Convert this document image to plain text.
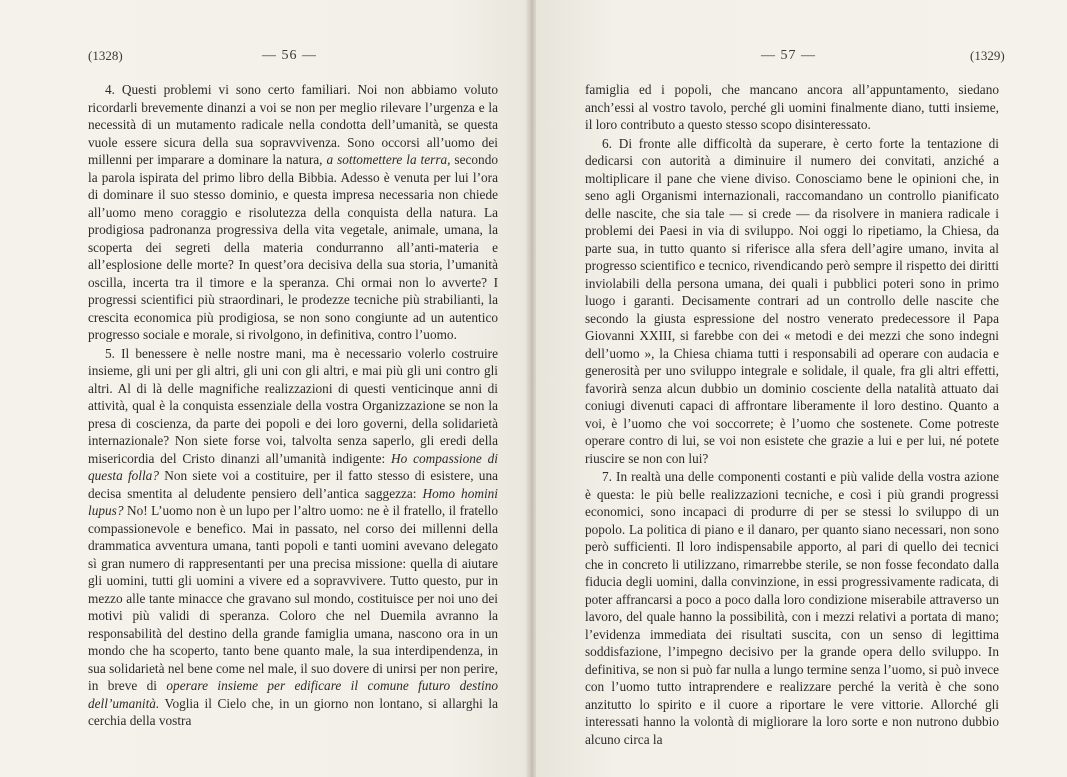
(1328)	— 56 —

4. Questi problemi vi sono certo familiari. Noi non abbiamo voluto ricordarli brevemente dinanzi a voi se non per meglio rilevare l’urgenza e la necessità di un mutamento radicale nella condotta dell’umanità, se questa vuole essere sicura della sua sopravvivenza. Sono occorsi all’uomo dei millenni per imparare a dominare la natura, a sottomettere la terra, secondo la parola ispirata del primo libro della Bibbia. Adesso è venuta per lui l’ora di dominare il suo stesso dominio, e questa impresa necessaria non chiede all’uomo meno coraggio e risolutezza della conquista della natura. La prodigiosa padronanza progressiva della vita vegetale, animale, umana, la scoperta dei segreti della materia condurranno all’anti-materia e all’esplosione delle morte? In quest’ora decisiva della sua storia, l’umanità oscilla, incerta tra il timore e la speranza. Chi ormai non lo avverte? I progressi scientifici più straordinari, le prodezze tecniche più strabilianti, la crescita economica più prodigiosa, se non sono congiunte ad un autentico progresso sociale e morale, si rivolgono, in definitiva, contro l’uomo.

5. Il benessere è nelle nostre mani, ma è necessario volerlo costruire insieme, gli uni per gli altri, gli uni con gli altri, e mai più gli uni contro gli altri. Al di là delle magnifiche realizzazioni di questi venticinque anni di attività, qual è la conquista essenziale della vostra Organizzazione se non la presa di coscienza, da parte dei popoli e dei loro governi, della solidarietà internazionale? Non siete forse voi, talvolta senza saperlo, gli eredi della misericordia del Cristo dinanzi all’umanità indigente: Ho compassione di questa folla? Non siete voi a costituire, per il fatto stesso di esistere, una decisa smentita al deludente pensiero dell’antica saggezza: Homo homini lupus? No! L’uomo non è un lupo per l’altro uomo: ne è il fratello, il fratello compassionevole e benefico. Mai in passato, nel corso dei millenni della drammatica avventura umana, tanti popoli e tanti uomini avevano delegato sì gran numero di rappresentanti per una precisa missione: quella di aiutare gli uomini, tutti gli uomini a vivere ed a sopravvivere. Tutto questo, pur in mezzo alle tante minacce che gravano sul mondo, costituisce per noi uno dei motivi più validi di speranza. Coloro che nel Duemila avranno la responsabilità del destino della grande famiglia umana, nascono ora in un mondo che ha scoperto, tanto bene quanto male, la sua interdipendenza, in sua solidarietà nel bene come nel male, il suo dovere di unirsi per non perire, in breve di operare insieme per edificare il comune futuro destino dell’umanità. Voglia il Cielo che, in un giorno non lontano, si allarghi la cerchia della vostra

— 57 —	(1329)

famiglia ed i popoli, che mancano ancora all’appuntamento, siedano anch’essi al vostro tavolo, perché gli uomini finalmente diano, tutti insieme, il loro contributo a questo stesso scopo disinteressato.

6. Di fronte alle difficoltà da superare, è certo forte la tentazione di dedicarsi con autorità a diminuire il numero dei convitati, anziché a moltiplicare il pane che viene diviso. Conosciamo bene le opinioni che, in seno agli Organismi internazionali, raccomandano un controllo pianificato delle nascite, che sia tale — si crede — da risolvere in maniera radicale i problemi dei Paesi in via di sviluppo. Noi oggi lo ripetiamo, la Chiesa, da parte sua, in tutto quanto si riferisce alla sfera dell’agire umano, invita al progresso scientifico e tecnico, rivendicando però sempre il rispetto dei diritti inviolabili della persona umana, dei quali i pubblici poteri sono in primo luogo i garanti. Decisamente contrari ad un controllo delle nascite che secondo la giusta espressione del nostro venerato predecessore il Papa Giovanni XXIII, si farebbe con dei « metodi e dei mezzi che sono indegni dell’uomo », la Chiesa chiama tutti i responsabili ad operare con audacia e generosità per uno sviluppo integrale e solidale, il quale, fra gli altri effetti, favorirà senza alcun dubbio un dominio cosciente della natalità attuato dai coniugi divenuti capaci di affrontare liberamente il loro destino. Quanto a voi, è l’uomo che voi soccorrete; è l’uomo che sostenete. Come potreste operare contro di lui, se voi non esistete che grazie a lui e per lui, né potete riuscire se non con lui?

7. In realtà una delle componenti costanti e più valide della vostra azione è questa: le più belle realizzazioni tecniche, e così i più grandi progressi economici, sono incapaci di produrre di per se stessi lo sviluppo di un popolo. La politica di piano e il danaro, per quanto siano necessari, non sono però sufficienti. Il loro indispensabile apporto, al pari di quello dei tecnici che in concreto li utilizzano, rimarrebbe sterile, se non fosse fecondato dalla fiducia degli uomini, dalla convinzione, in essi progressivamente radicata, di poter affrancarsi a poco a poco dalla loro condizione miserabile attraverso un lavoro, del quale hanno la possibilità, con i mezzi relativi a portata di mano; l’evidenza immediata dei risultati suscita, con un senso di legittima soddisfazione, l’impegno decisivo per la grande opera dello sviluppo. In definitiva, se non si può far nulla a lungo termine senza l’uomo, si può invece con l’uomo tutto intraprendere e realizzare perché la verità è che sono anzitutto lo spirito e il cuore a riportare le vere vittorie. Allorché gli interessati hanno la volontà di migliorare la loro sorte e non nutrono dubbio alcuno circa la
